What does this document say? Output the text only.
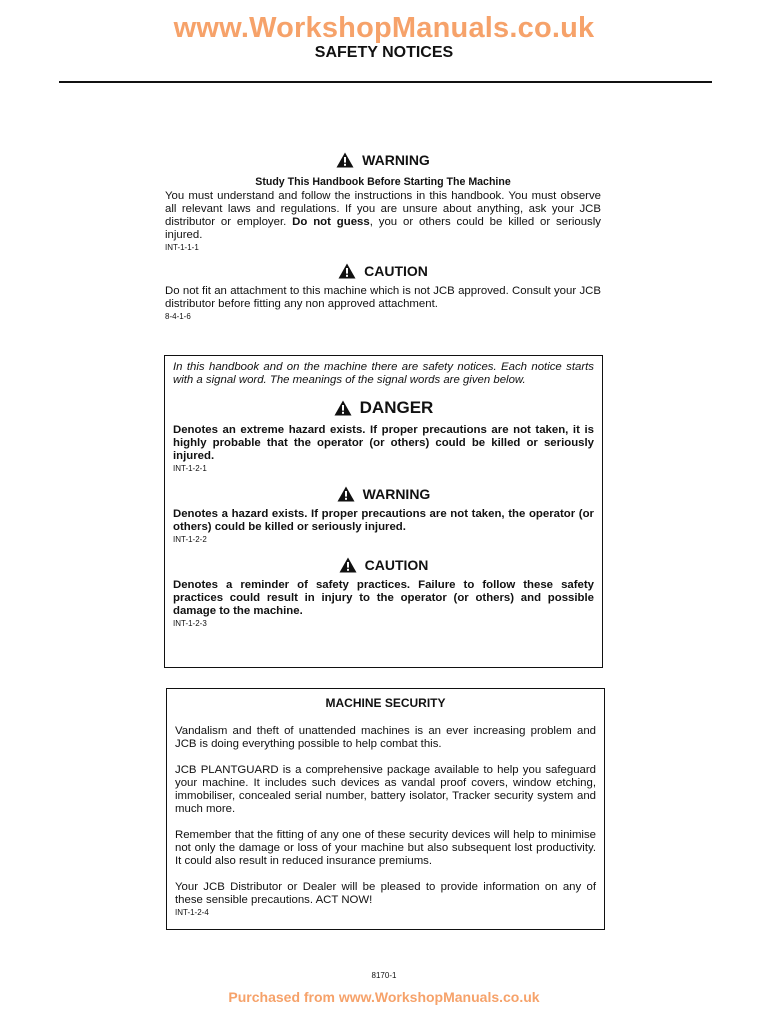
www.WorkshopManuals.co.uk
SAFETY NOTICES
WARNING
Study This Handbook Before Starting The Machine

You must understand and follow the instructions in this handbook. You must observe all relevant laws and regulations. If you are unsure about anything, ask your JCB distributor or employer. Do not guess, you or others could be killed or seriously injured.

INT-1-1-1
CAUTION

Do not fit an attachment to this machine which is not JCB approved. Consult your JCB distributor before fitting any non approved attachment.

8-4-1-6

In this handbook and on the machine there are safety notices. Each notice starts with a signal word. The meanings of the signal words are given below.

DANGER

Denotes an extreme hazard exists. If proper precautions are not taken, it is highly probable that the operator (or others) could be killed or seriously injured.

INT-1-2-1
WARNING

Denotes a hazard exists. If proper precautions are not taken, the operator (or others) could be killed or seriously injured.

INT-1-2-2
CAUTION

Denotes a reminder of safety practices. Failure to follow these safety practices could result in injury to the operator (or others) and possible damage to the machine.

INT-1-2-3
MACHINE SECURITY

Vandalism and theft of unattended machines is an ever increasing problem and JCB is doing everything possible to help combat this.

JCB PLANTGUARD is a comprehensive package available to help you safeguard your machine. It includes such devices as vandal proof covers, window etching, immobiliser, concealed serial number, battery isolator, Tracker security system and much more.

Remember that the fitting of any one of these security devices will help to minimise not only the damage or loss of your machine but also subsequent lost productivity. It could also result in reduced insurance premiums.

Your JCB Distributor or Dealer will be pleased to provide information on any of these sensible precautions. ACT NOW!

INT-1-2-4
8170-1
Purchased from www.WorkshopManuals.co.uk
